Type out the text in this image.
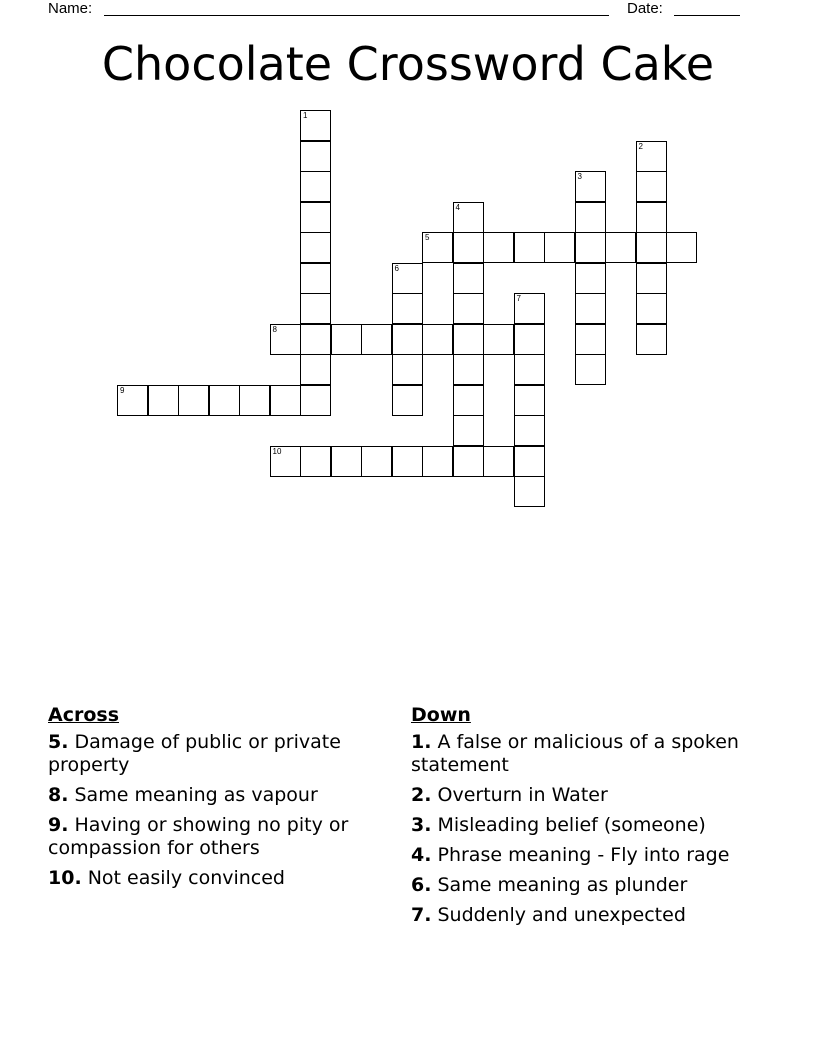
Name:	Date:
Chocolate Crossword Cake
1
2
3
4
5
6
7
8
9
10
Across
5. Damage of public or private property
8. Same meaning as vapour
9. Having or showing no pity or compassion for others
10. Not easily convinced
Down
1. A false or malicious of a spoken statement
2. Overturn in Water
3. Misleading belief (someone)
4. Phrase meaning - Fly into rage
6. Same meaning as plunder
7. Suddenly and unexpected
